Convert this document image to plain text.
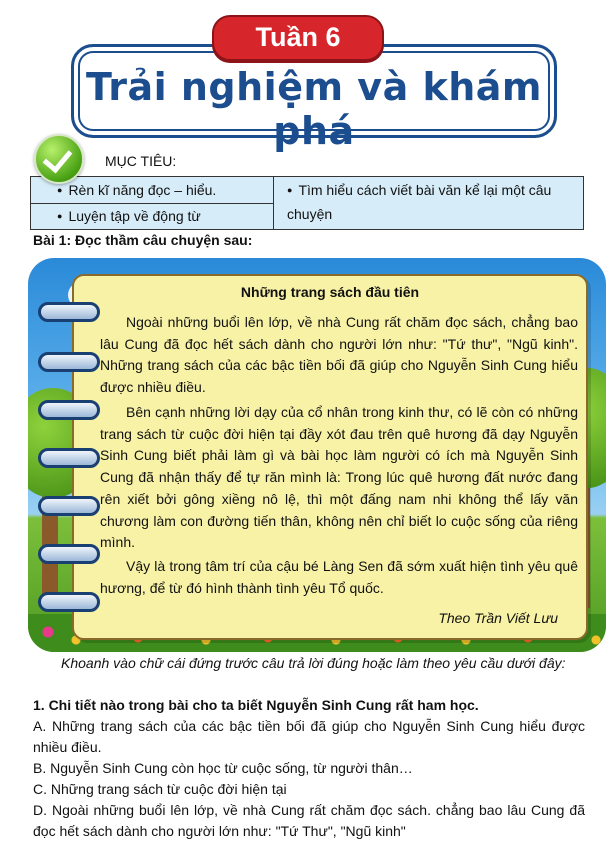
Tuần 6
Trải nghiệm và khám phá
MỤC TIÊU:
● Rèn kĩ năng đọc – hiểu.
● Luyện tập về động từ
● Tìm hiểu cách viết bài văn kể lại một câu chuyện
Bài 1: Đọc thầm câu chuyện sau:
Những trang sách đầu tiên
Ngoài những buổi lên lớp, về nhà Cung rất chăm đọc sách, chẳng bao lâu Cung đã đọc hết sách dành cho người lớn như: "Tứ thư", "Ngũ kinh". Những trang sách của các bậc tiền bối đã giúp cho Nguyễn Sinh Cung hiểu được nhiều điều.
Bên cạnh những lời dạy của cổ nhân trong kinh thư, có lẽ còn có những trang sách từ cuộc đời hiện tại đầy xót đau trên quê hương đã dạy Nguyễn Sinh Cung biết phải làm gì và bài học làm người có ích mà Nguyễn Sinh Cung đã nhận thấy để tự răn mình là: Trong lúc quê hương đất nước đang rên xiết bởi gông xiềng nô lệ, thì một đấng nam nhi không thể lấy văn chương làm con đường tiến thân, không nên chỉ biết lo cuộc sống của riêng mình.
Vậy là trong tâm trí của cậu bé Làng Sen đã sớm xuất hiện tình yêu quê hương, để từ đó hình thành tình yêu Tổ quốc.
Theo Trần Viết Lưu
Khoanh vào chữ cái đứng trước câu trả lời đúng hoặc làm theo yêu cầu dưới đây:
1. Chi tiết nào trong bài cho ta biết Nguyễn Sinh Cung rất ham học.
A. Những trang sách của các bậc tiền bối đã giúp cho Nguyễn Sinh Cung hiểu được nhiều điều.
B. Nguyễn Sinh Cung còn học từ cuộc sống, từ người thân…
C. Những trang sách từ cuộc đời hiện tại
D. Ngoài những buổi lên lớp, về nhà Cung rất chăm đọc sách. chẳng bao lâu Cung đã đọc hết sách dành cho người lớn như: "Tứ Thư", "Ngũ kinh"
